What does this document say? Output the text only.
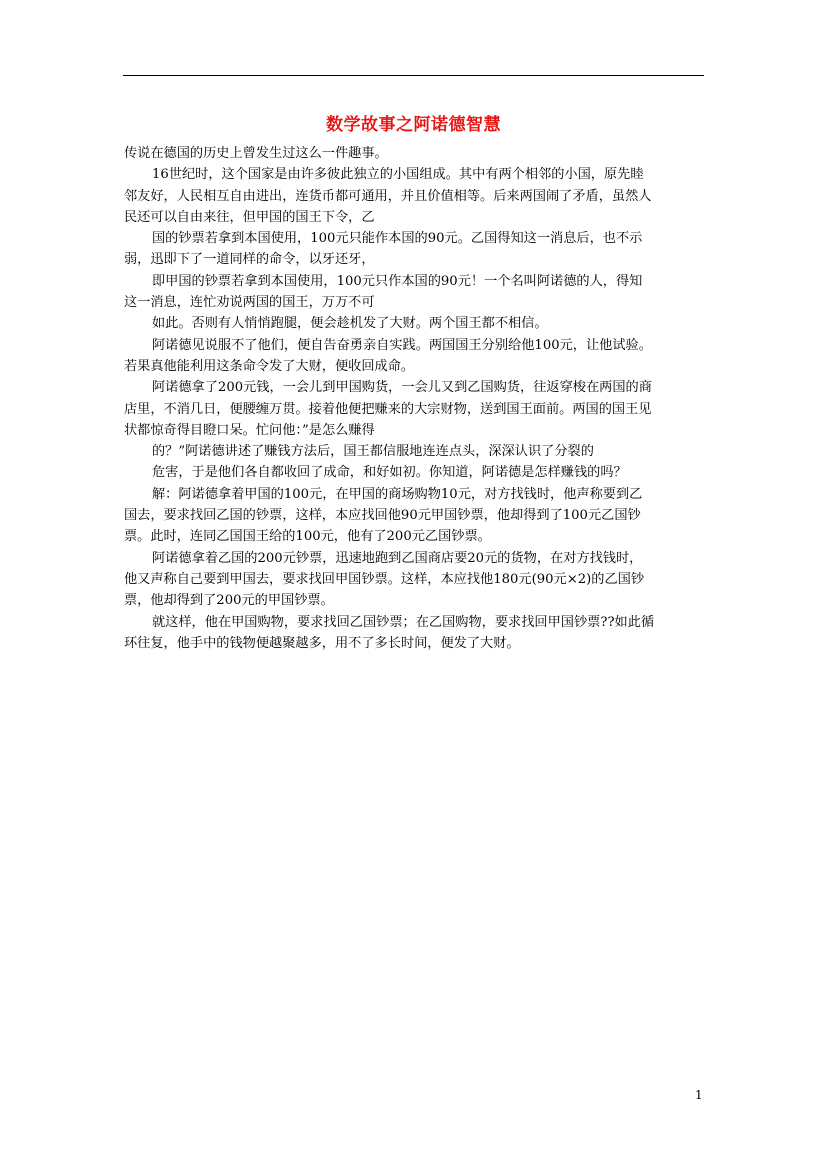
数学故事之阿诺德智慧
传说在德国的历史上曾发生过这么一件趣事。
16世纪时，这个国家是由许多彼此独立的小国组成。其中有两个相邻的小国，原先睦
邻友好，人民相互自由进出，连货币都可通用，并且价值相等。后来两国闹了矛盾，虽然人
民还可以自由来往，但甲国的国王下令，乙
国的钞票若拿到本国使用，100元只能作本国的90元。乙国得知这一消息后，也不示
弱，迅即下了一道同样的命令，以牙还牙，
即甲国的钞票若拿到本国使用，100元只作本国的90元！一个名叫阿诺德的人，得知
这一消息，连忙劝说两国的国王，万万不可
如此。否则有人悄悄跑腿，便会趁机发了大财。两个国王都不相信。
阿诺德见说服不了他们，便自告奋勇亲自实践。两国国王分别给他100元，让他试验。
若果真他能利用这条命令发了大财，便收回成命。
阿诺德拿了200元钱，一会儿到甲国购货，一会儿又到乙国购货，往返穿梭在两国的商
店里，不消几日，便腰缠万贯。接着他便把赚来的大宗财物，送到国王面前。两国的国王见
状都惊奇得目瞪口呆。忙问他：”是怎么赚得
的？”阿诺德讲述了赚钱方法后，国王都信服地连连点头，深深认识了分裂的
危害，于是他们各自都收回了成命，和好如初。你知道，阿诺德是怎样赚钱的吗？
解：阿诺德拿着甲国的100元，在甲国的商场购物10元，对方找钱时，他声称要到乙
国去，要求找回乙国的钞票，这样，本应找回他90元甲国钞票，他却得到了100元乙国钞
票。此时，连同乙国国王给的100元，他有了200元乙国钞票。
阿诺德拿着乙国的200元钞票，迅速地跑到乙国商店要20元的货物，在对方找钱时，
他又声称自己要到甲国去，要求找回甲国钞票。这样，本应找他180元(90元×2)的乙国钞
票，他却得到了200元的甲国钞票。
就这样，他在甲国购物，要求找回乙国钞票；在乙国购物，要求找回甲国钞票??如此循
环往复，他手中的钱物便越聚越多，用不了多长时间，便发了大财。
1
